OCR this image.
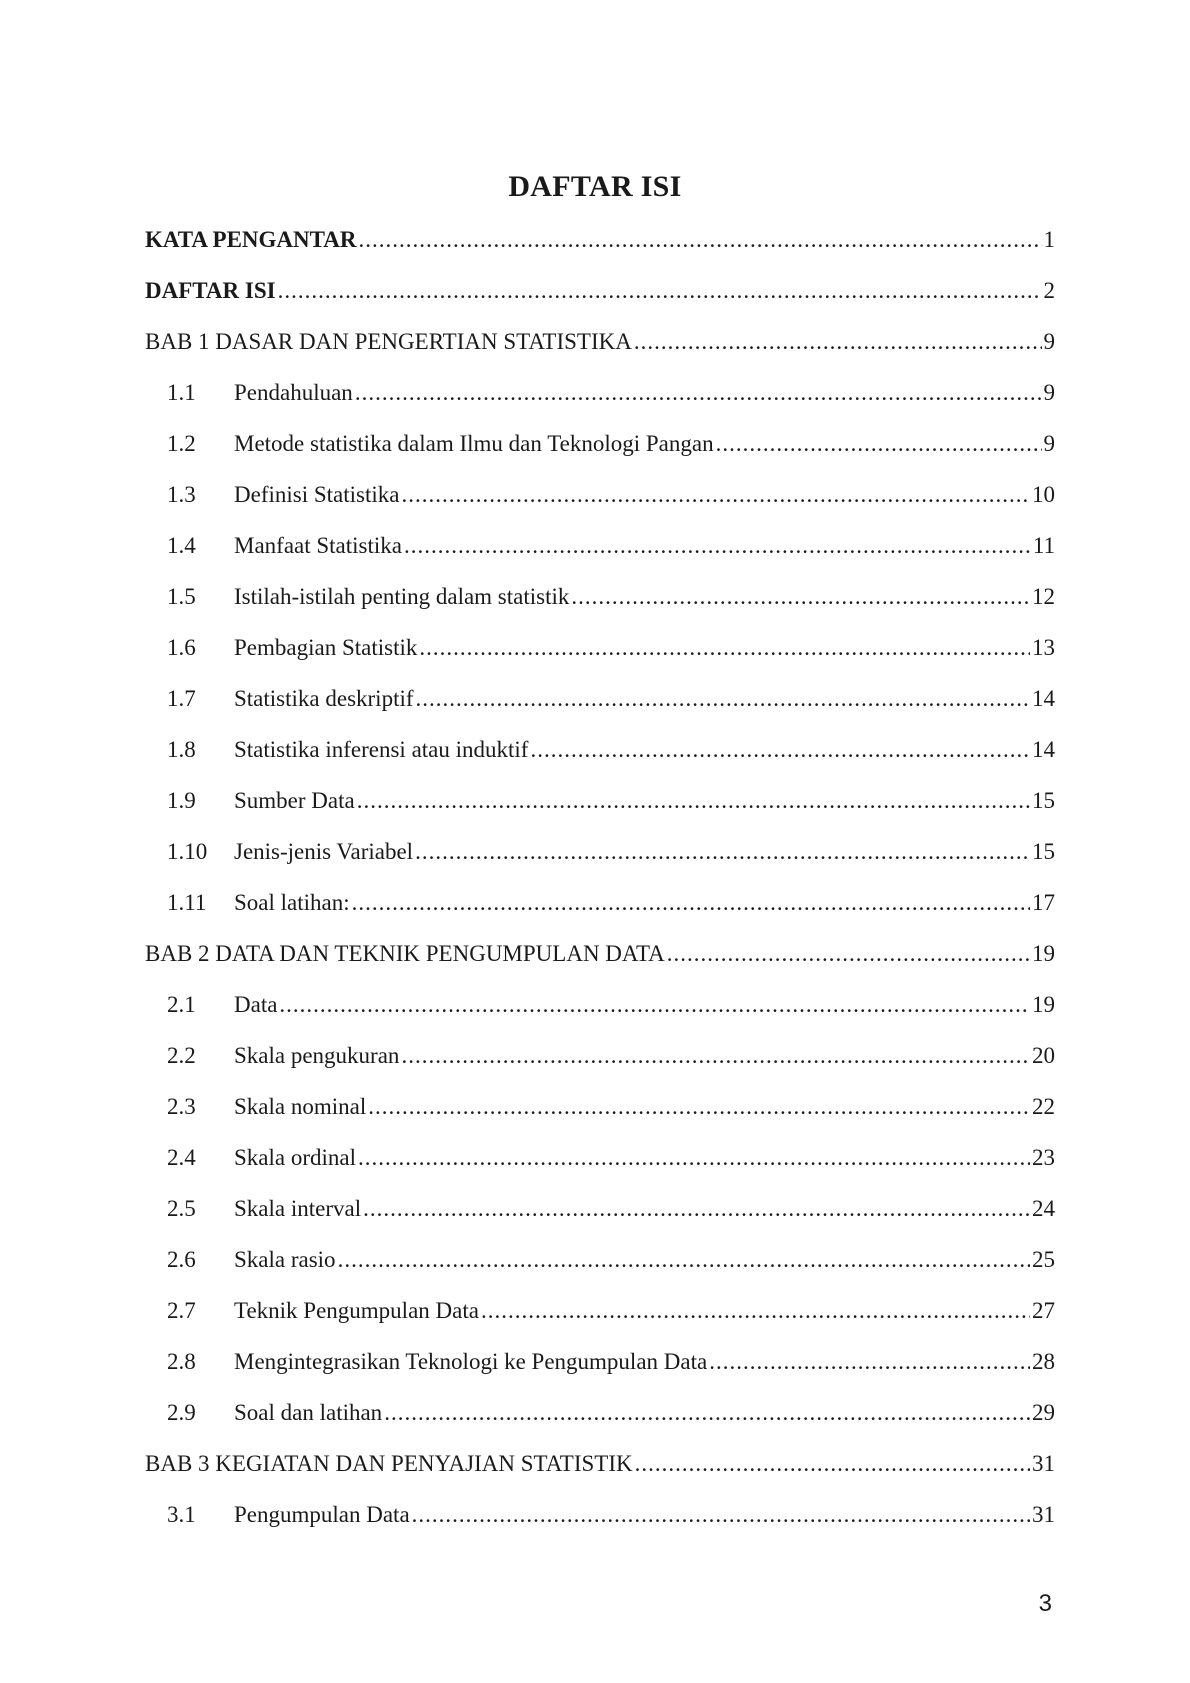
DAFTAR ISI
KATA PENGANTAR .....	1
DAFTAR ISI .....	2
BAB 1 DASAR DAN PENGERTIAN STATISTIKA .....	9
1.1	Pendahuluan .....	9
1.2	Metode statistika dalam Ilmu dan Teknologi Pangan .....	9
1.3	Definisi Statistika .....	10
1.4	Manfaat Statistika .....	11
1.5	Istilah-istilah penting dalam statistik .....	12
1.6	Pembagian Statistik .....	13
1.7	Statistika deskriptif .....	14
1.8	Statistika inferensi atau induktif .....	14
1.9	Sumber Data .....	15
1.10	Jenis-jenis Variabel .....	15
1.11	Soal latihan: .....	17
BAB 2 DATA DAN TEKNIK PENGUMPULAN DATA .....	19
2.1	Data .....	19
2.2	Skala pengukuran .....	20
2.3	Skala nominal .....	22
2.4	Skala ordinal .....	23
2.5	Skala interval .....	24
2.6	Skala rasio .....	25
2.7	Teknik Pengumpulan Data .....	27
2.8	Mengintegrasikan Teknologi ke Pengumpulan Data .....	28
2.9	Soal dan latihan .....	29
BAB 3 KEGIATAN DAN PENYAJIAN STATISTIK .....	31
3.1	Pengumpulan Data .....	31
3
